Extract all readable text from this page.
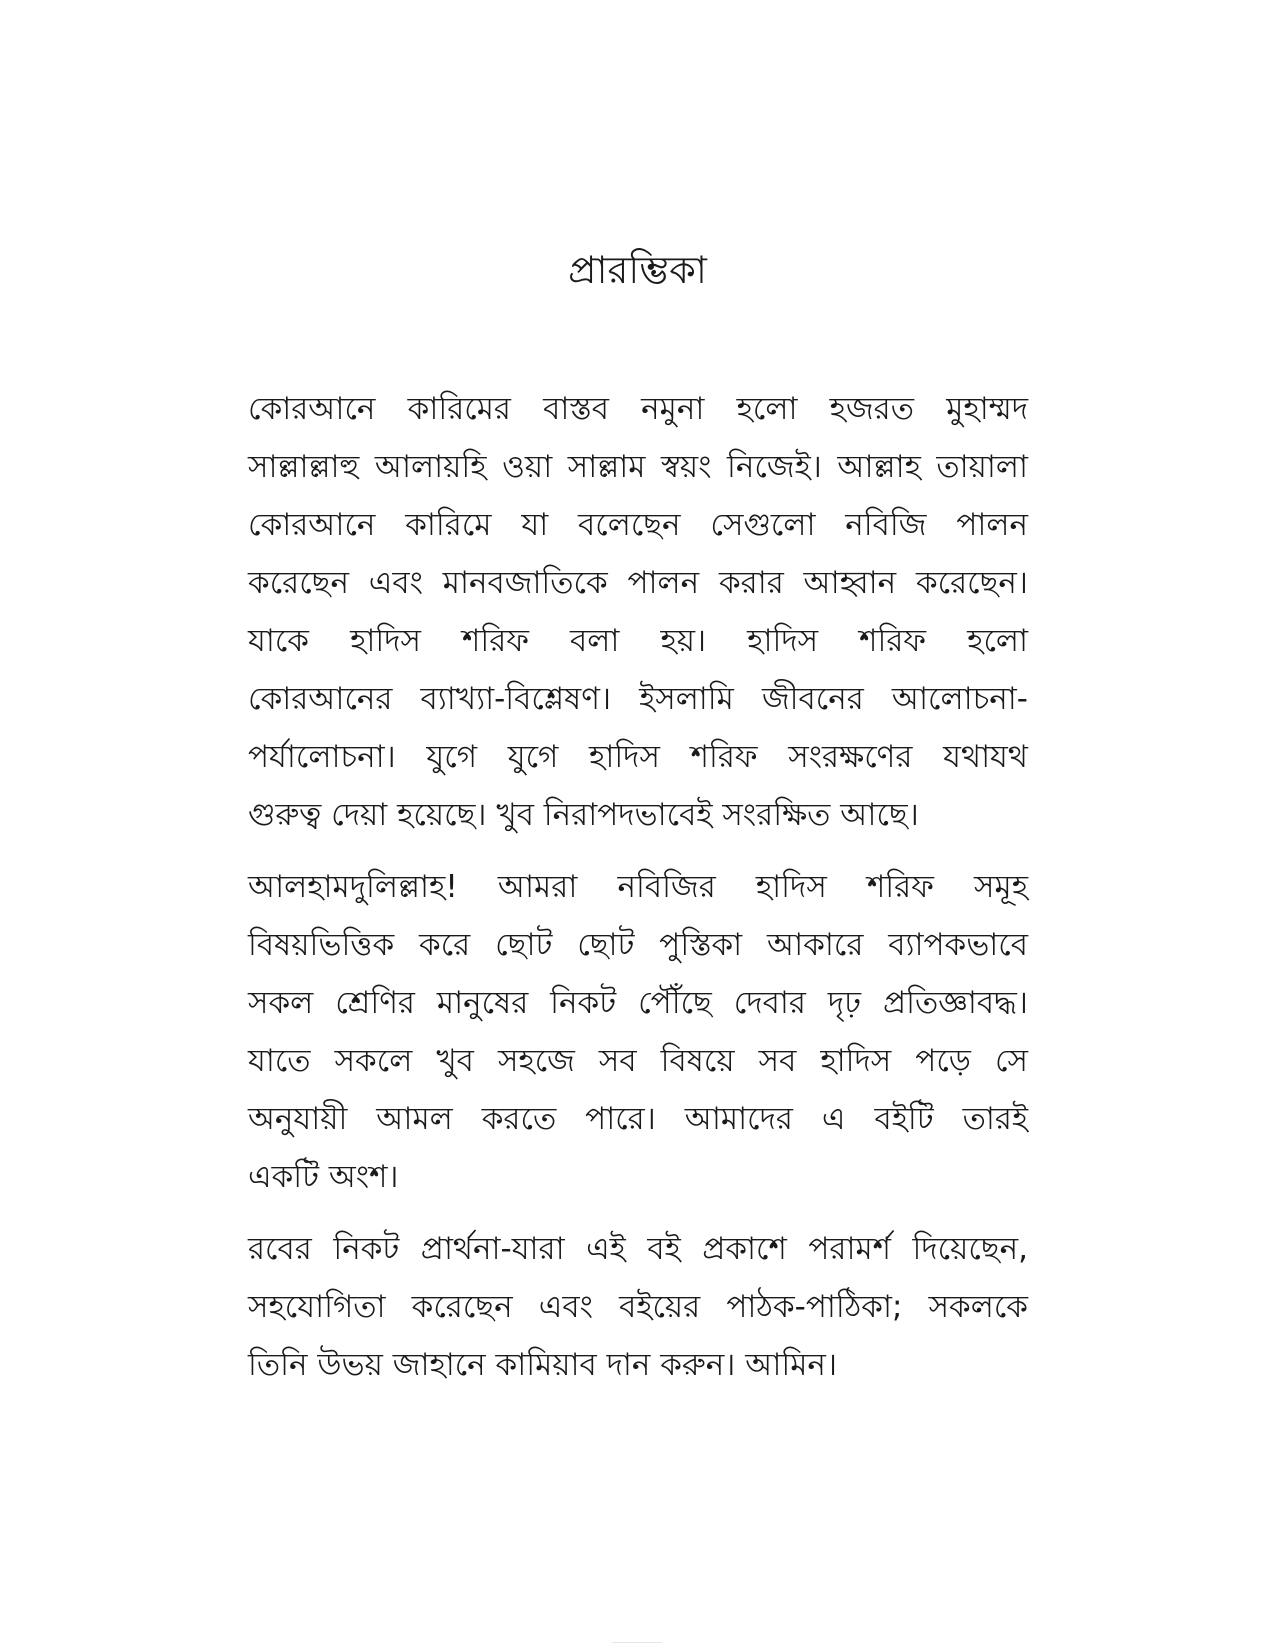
প্রারম্ভিকা
কোরআনে কারিমের বাস্তব নমুনা হলো হজরত মুহাম্মদ
সাল্লাল্লাহু আলায়হি ওয়া সাল্লাম স্বয়ং নিজেই। আল্লাহ তায়ালা
কোরআনে কারিমে যা বলেছেন সেগুলো নবিজি পালন
করেছেন এবং মানবজাতিকে পালন করার আহ্বান করেছেন।
যাকে হাদিস শরিফ বলা হয়। হাদিস শরিফ হলো
কোরআনের ব্যাখ্যা-বিশ্লেষণ। ইসলামি জীবনের আলোচনা-
পর্যালোচনা। যুগে যুগে হাদিস শরিফ সংরক্ষণের যথাযথ
গুরুত্ব দেয়া হয়েছে। খুব নিরাপদভাবেই সংরক্ষিত আছে।
আলহামদুলিল্লাহ! আমরা নবিজির হাদিস শরিফ সমূহ
বিষয়ভিত্তিক করে ছোট ছোট পুস্তিকা আকারে ব্যাপকভাবে
সকল শ্রেণির মানুষের নিকট পৌঁছে দেবার দৃঢ় প্রতিজ্ঞাবদ্ধ।
যাতে সকলে খুব সহজে সব বিষয়ে সব হাদিস পড়ে সে
অনুযায়ী আমল করতে পারে। আমাদের এ বইটি তারই
একটি অংশ।
রবের নিকট প্রার্থনা-যারা এই বই প্রকাশে পরামর্শ দিয়েছেন,
সহযোগিতা করেছেন এবং বইয়ের পাঠক-পাঠিকা; সকলকে
তিনি উভয় জাহানে কামিয়াব দান করুন। আমিন।
